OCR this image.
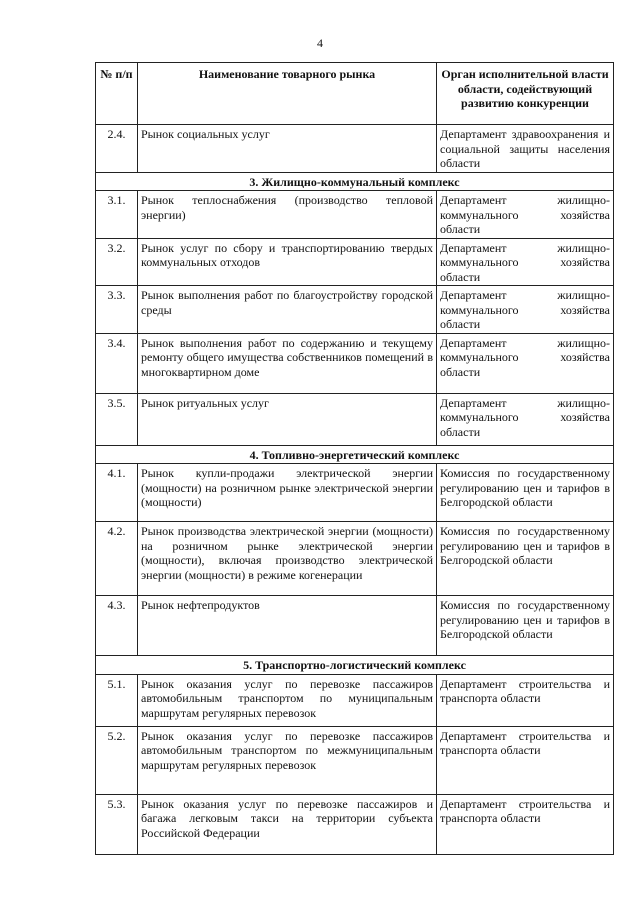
4
№ п/п	Наименование товарного рынка	Орган исполнительной власти области, содействующий развитию конкуренции
2.4.	Рынок социальных услуг	Департамент здравоохранения и социальной защиты населения области
3. Жилищно-коммунальный комплекс		
3.1.	Рынок теплоснабжения (производство тепловой энергии)	Департамент жилищно-коммунального хозяйства области
3.2.	Рынок услуг по сбору и транспортированию твердых коммунальных отходов	Департамент жилищно-коммунального хозяйства области
3.3.	Рынок выполнения работ по благоустройству городской среды	Департамент жилищно-коммунального хозяйства области
3.4.	Рынок выполнения работ по содержанию и текущему ремонту общего имущества собственников помещений в многоквартирном доме	Департамент жилищно-коммунального хозяйства области
3.5.	Рынок ритуальных услуг	Департамент жилищно-коммунального хозяйства области
4. Топливно-энергетический комплекс		
4.1.	Рынок купли-продажи электрической энергии (мощности) на розничном рынке электрической энергии (мощности)	Комиссия по государственному регулированию цен и тарифов в Белгородской области
4.2.	Рынок производства электрической энергии (мощности) на розничном рынке электрической энергии (мощности), включая производство электрической энергии (мощности) в режиме когенерации	Комиссия по государственному регулированию цен и тарифов в Белгородской области
4.3.	Рынок нефтепродуктов	Комиссия по государственному регулированию цен и тарифов в Белгородской области
5. Транспортно-логистический комплекс		
5.1.	Рынок оказания услуг по перевозке пассажиров автомобильным транспортом по муниципальным маршрутам регулярных перевозок	Департамент строительства и транспорта области
5.2.	Рынок оказания услуг по перевозке пассажиров автомобильным транспортом по межмуниципальным маршрутам регулярных перевозок	Департамент строительства и транспорта области
5.3.	Рынок оказания услуг по перевозке пассажиров и багажа легковым такси на территории субъекта Российской Федерации	Департамент строительства и транспорта области
